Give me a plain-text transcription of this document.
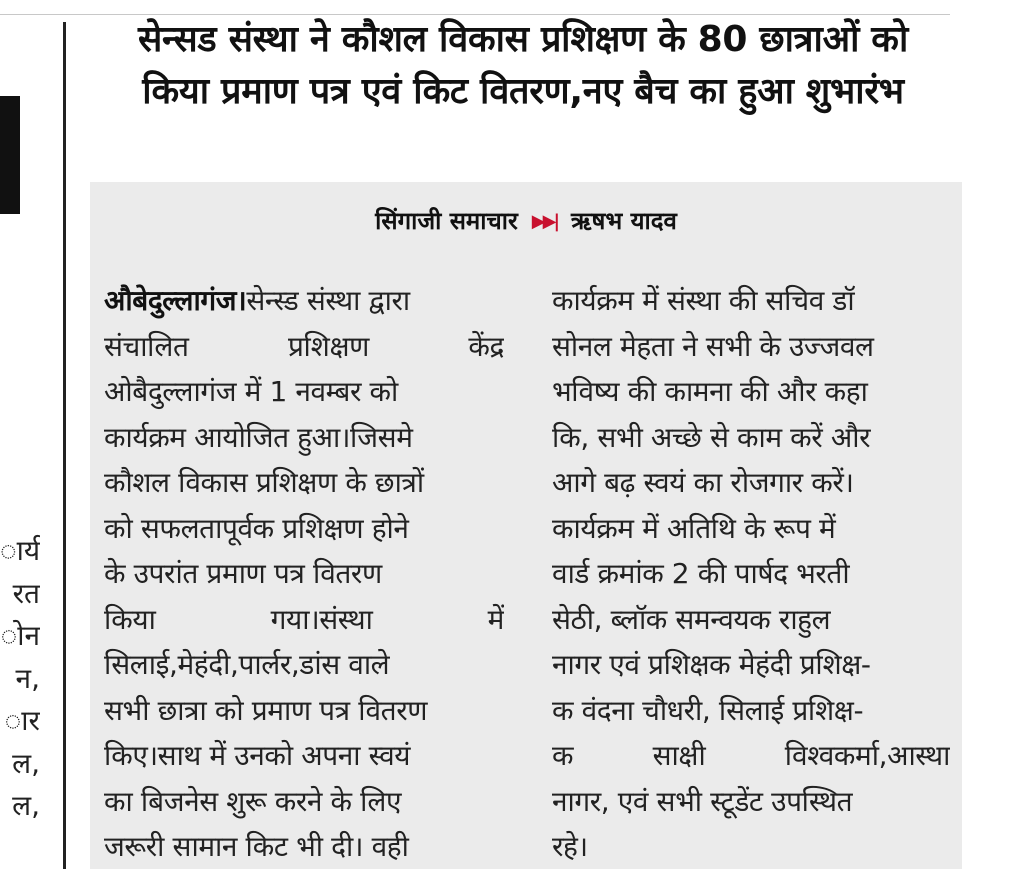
ार्य
रत
ोन
न,
ार
ल,
ल,
सेन्सड संस्था ने कौशल विकास प्रशिक्षण के 80 छात्राओं को
किया प्रमाण पत्र एवं किट वितरण,नए बैच का हुआ शुभारंभ
सिंगाजी समाचार ▶▶| ऋषभ यादव
औबेदुल्लागंज।सेन्स्ड संस्था द्वारा
संचालित	प्रशिक्षण	केंद्र
ओबैदुल्लागंज में 1 नवम्बर को
कार्यक्रम आयोजित हुआ।जिसमे
कौशल विकास प्रशिक्षण के छात्रों
को सफलतापूर्वक प्रशिक्षण होने
के उपरांत प्रमाण पत्र वितरण
किया	गया।संस्था	में
सिलाई,मेहंदी,पार्लर,डांस वाले
सभी छात्रा को प्रमाण पत्र वितरण
किए।साथ में उनको अपना स्वयं
का बिजनेस शुरू करने के लिए
जरूरी सामान किट भी दी। वही
कार्यक्रम में संस्था की सचिव डॉ
सोनल मेहता ने सभी के उज्जवल
भविष्य की कामना की और कहा
कि, सभी अच्छे से काम करें और
आगे बढ़ स्वयं का रोजगार करें।
कार्यक्रम में अतिथि के रूप में
वार्ड क्रमांक 2 की पार्षद भरती
सेठी, ब्लॉक समन्वयक राहुल
नागर एवं प्रशिक्षक मेहंदी प्रशिक्ष-
क वंदना चौधरी, सिलाई प्रशिक्ष-
क	साक्षी	विश्वकर्मा,आस्था
नागर, एवं सभी स्टूडेंट उपस्थित
रहे।
